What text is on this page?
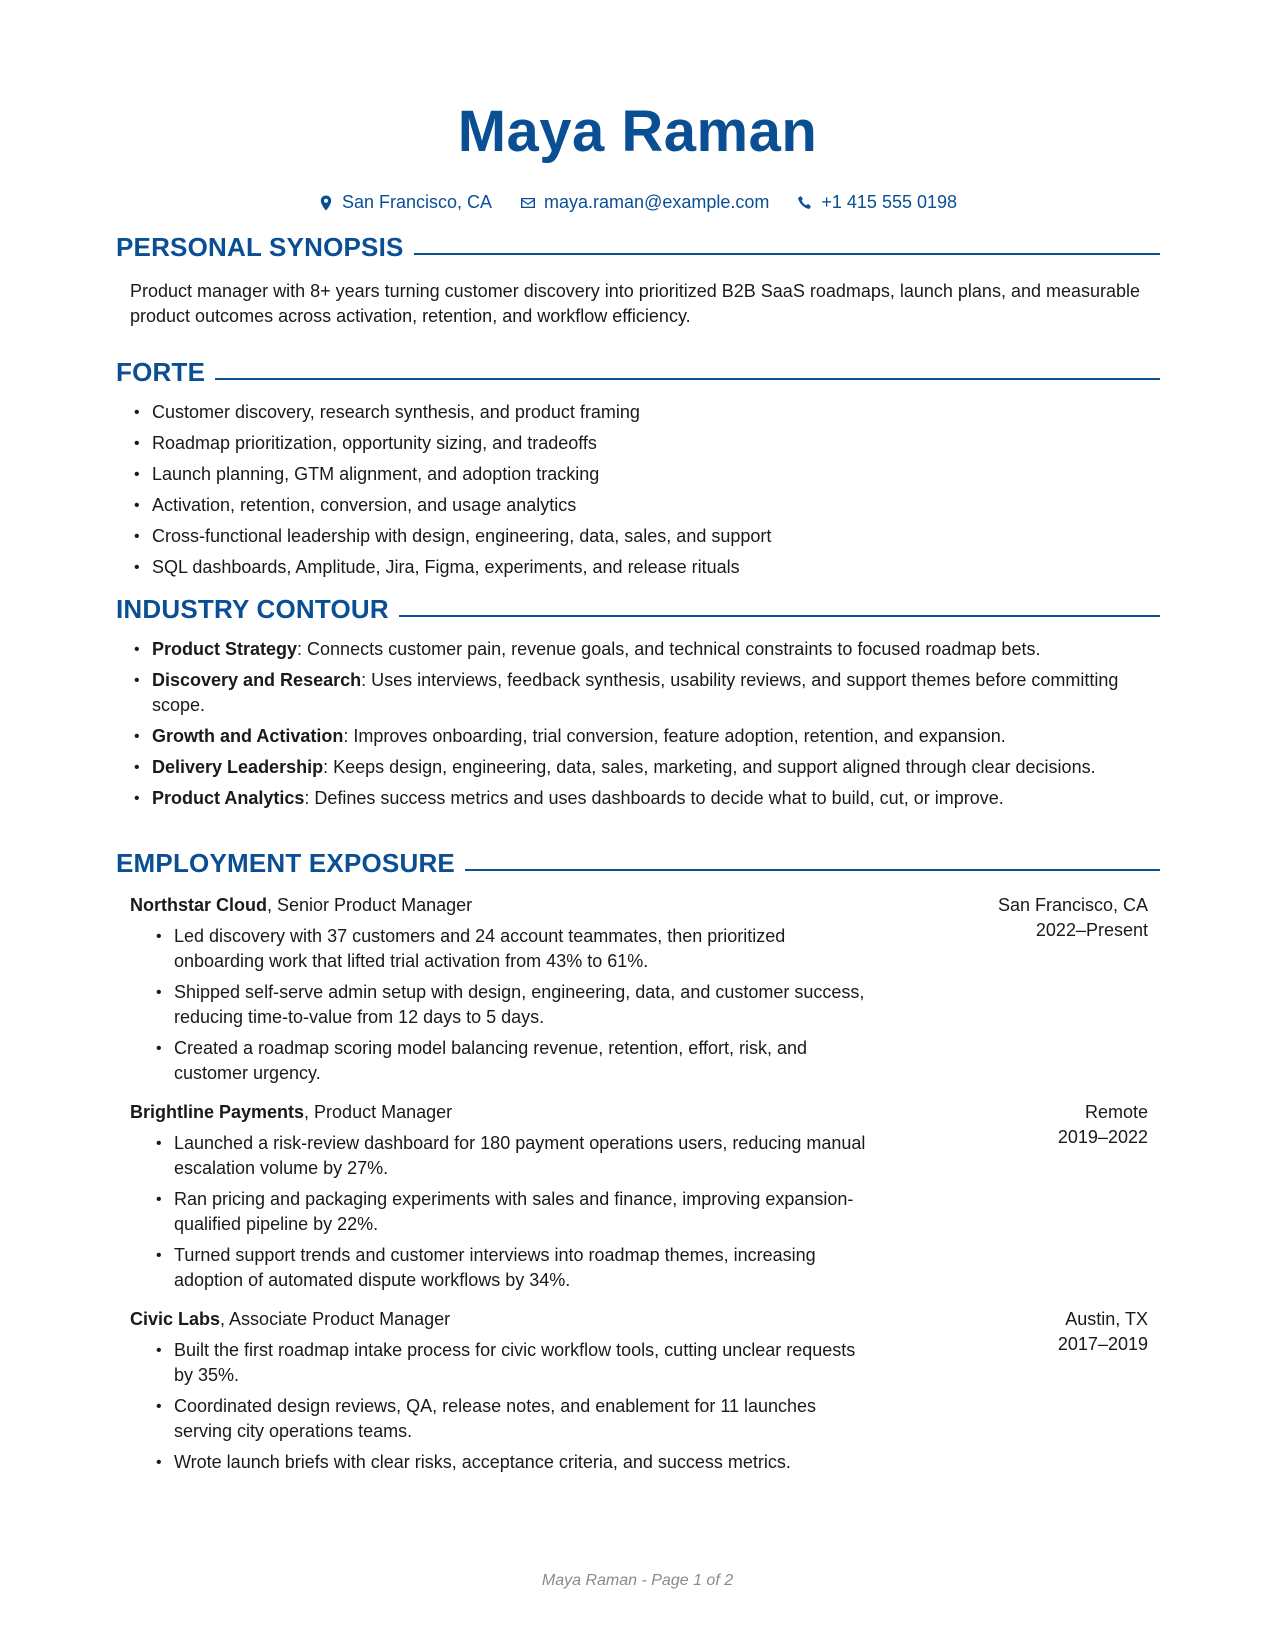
Maya Raman
San Francisco, CA	maya.raman@example.com	+1 415 555 0198
PERSONAL SYNOPSIS

Product manager with 8+ years turning customer discovery into prioritized B2B SaaS roadmaps, launch plans, and measurable product outcomes across activation, retention, and workflow efficiency.

FORTE
• Customer discovery, research synthesis, and product framing
• Roadmap prioritization, opportunity sizing, and tradeoffs
• Launch planning, GTM alignment, and adoption tracking
• Activation, retention, conversion, and usage analytics
• Cross-functional leadership with design, engineering, data, sales, and support
• SQL dashboards, Amplitude, Jira, Figma, experiments, and release rituals
INDUSTRY CONTOUR
• Product Strategy: Connects customer pain, revenue goals, and technical constraints to focused roadmap bets.
• Discovery and Research: Uses interviews, feedback synthesis, usability reviews, and support themes before committing scope.
• Growth and Activation: Improves onboarding, trial conversion, feature adoption, retention, and expansion.
• Delivery Leadership: Keeps design, engineering, data, sales, marketing, and support aligned through clear decisions.
• Product Analytics: Defines success metrics and uses dashboards to decide what to build, cut, or improve.
EMPLOYMENT EXPOSURE
Northstar Cloud, Senior Product Manager	San Francisco, CA
2022–Present
• Led discovery with 37 customers and 24 account teammates, then prioritized onboarding work that lifted trial activation from 43% to 61%.
• Shipped self-serve admin setup with design, engineering, data, and customer success, reducing time-to-value from 12 days to 5 days.
• Created a roadmap scoring model balancing revenue, retention, effort, risk, and customer urgency.
Brightline Payments, Product Manager	Remote
2019–2022
• Launched a risk-review dashboard for 180 payment operations users, reducing manual escalation volume by 27%.
• Ran pricing and packaging experiments with sales and finance, improving expansion-qualified pipeline by 22%.
• Turned support trends and customer interviews into roadmap themes, increasing adoption of automated dispute workflows by 34%.
Civic Labs, Associate Product Manager	Austin, TX
2017–2019
• Built the first roadmap intake process for civic workflow tools, cutting unclear requests by 35%.
• Coordinated design reviews, QA, release notes, and enablement for 11 launches serving city operations teams.
• Wrote launch briefs with clear risks, acceptance criteria, and success metrics.
Maya Raman - Page 1 of 2
